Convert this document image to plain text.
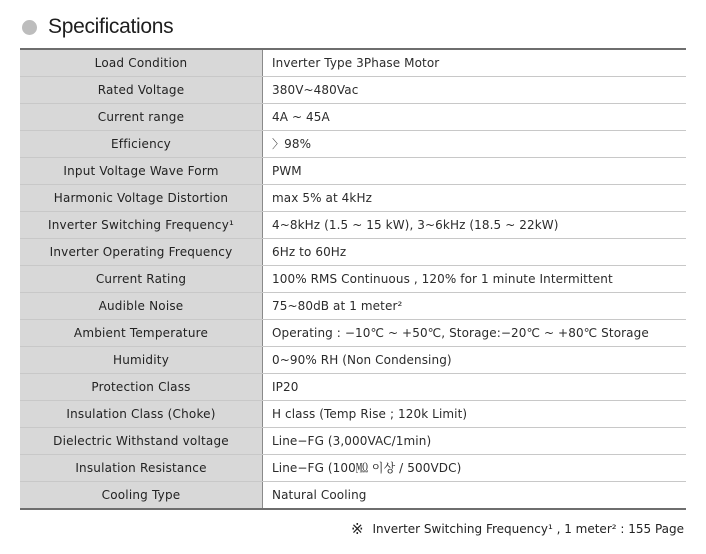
Specifications
Load Condition	Inverter Type 3Phase Motor
Rated Voltage	380V~480Vac
Current range	4A ~ 45A
Efficiency	〉98%
Input Voltage Wave Form	PWM
Harmonic Voltage Distortion	max 5% at 4kHz
Inverter Switching Frequency¹	4~8kHz (1.5 ~ 15 kW), 3~6kHz (18.5 ~ 22kW)
Inverter Operating Frequency	6Hz to 60Hz
Current Rating	100% RMS Continuous , 120% for 1 minute Intermittent
Audible Noise	75~80dB at 1 meter²
Ambient Temperature	Operating : −10℃ ~ +50℃, Storage:−20℃ ~ +80℃ Storage
Humidity	0~90% RH (Non Condensing)
Protection Class	IP20
Insulation Class (Choke)	H class (Temp Rise ; 120k Limit)
Dielectric Withstand voltage	Line−FG (3,000VAC/1min)
Insulation Resistance	Line−FG (100㏁ 이상 / 500VDC)
Cooling Type	Natural Cooling
※ Inverter Switching Frequency¹ , 1 meter² : 155 Page
